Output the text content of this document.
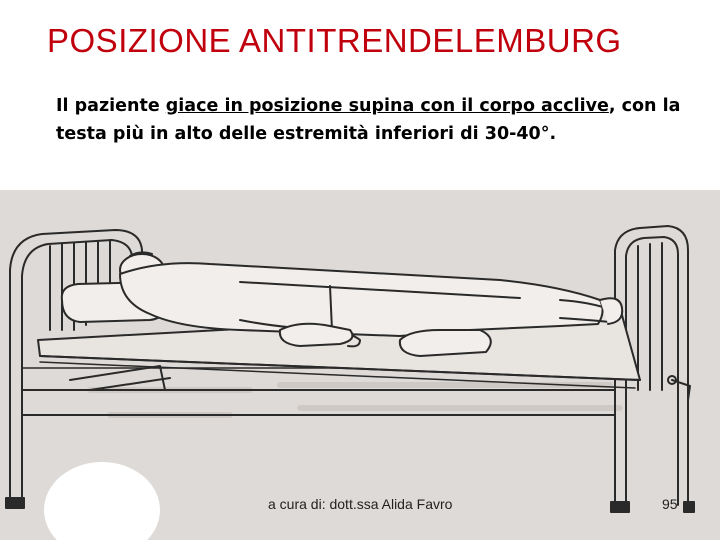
POSIZIONE ANTITRENDELEMBURG
Il paziente giace in posizione supina con il corpo acclive, con la testa più in alto delle estremità inferiori di 30-40°.
a cura di: dott.ssa Alida Favro	95
